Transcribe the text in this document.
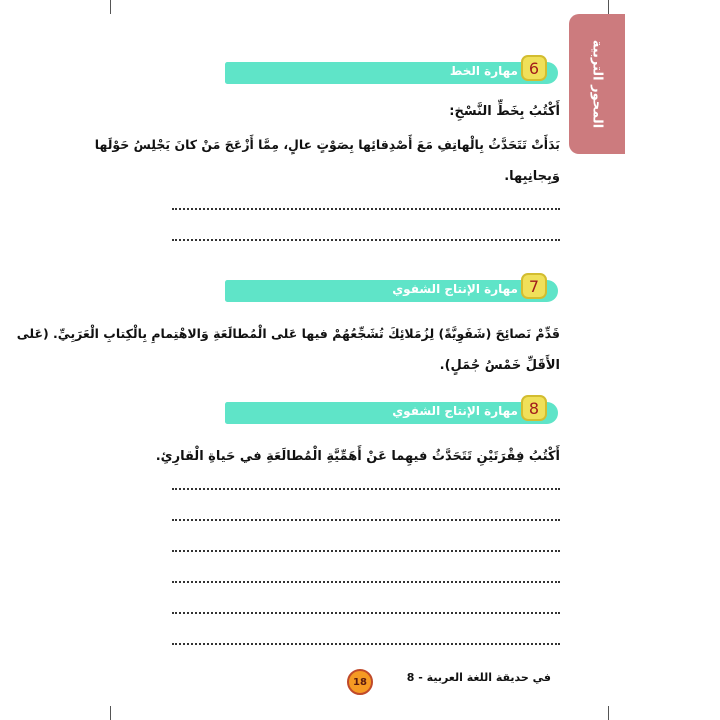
المحور التربية
مهارة الخط 6
أَكْتُبُ بِخَطِّ النَّسْخِ:
بَدَأَتْ تَتَحَدَّثُ بِالْهاتِفِ مَعَ أَصْدِقائِها بِصَوْتٍ عالٍ، مِمَّا أَزْعَجَ مَنْ كانَ يَجْلِسُ حَوْلَها
وَبِجانِبِها.
مهارة الإنتاج الشفوي 7
قَدِّمْ نَصائِحَ (شَفَوِيَّةً) لِزُمَلائِكَ تُشَجِّعُهُمْ فيها عَلى الْمُطالَعَةِ وَالاهْتِمامِ بِالْكِتابِ الْعَرَبِيِّ. (عَلى
الأَقَلِّ خَمْسُ جُمَلٍ).
مهارة الإنتاج الشفوي 8
أَكْتُبُ فِقْرَتَيْنِ تَتَحَدَّثُ فيهِما عَنْ أَهَمِّيَّةِ الْمُطالَعَةِ في حَياةِ الْقارِئِ.
في حديقة اللغة العربية - 8
18
